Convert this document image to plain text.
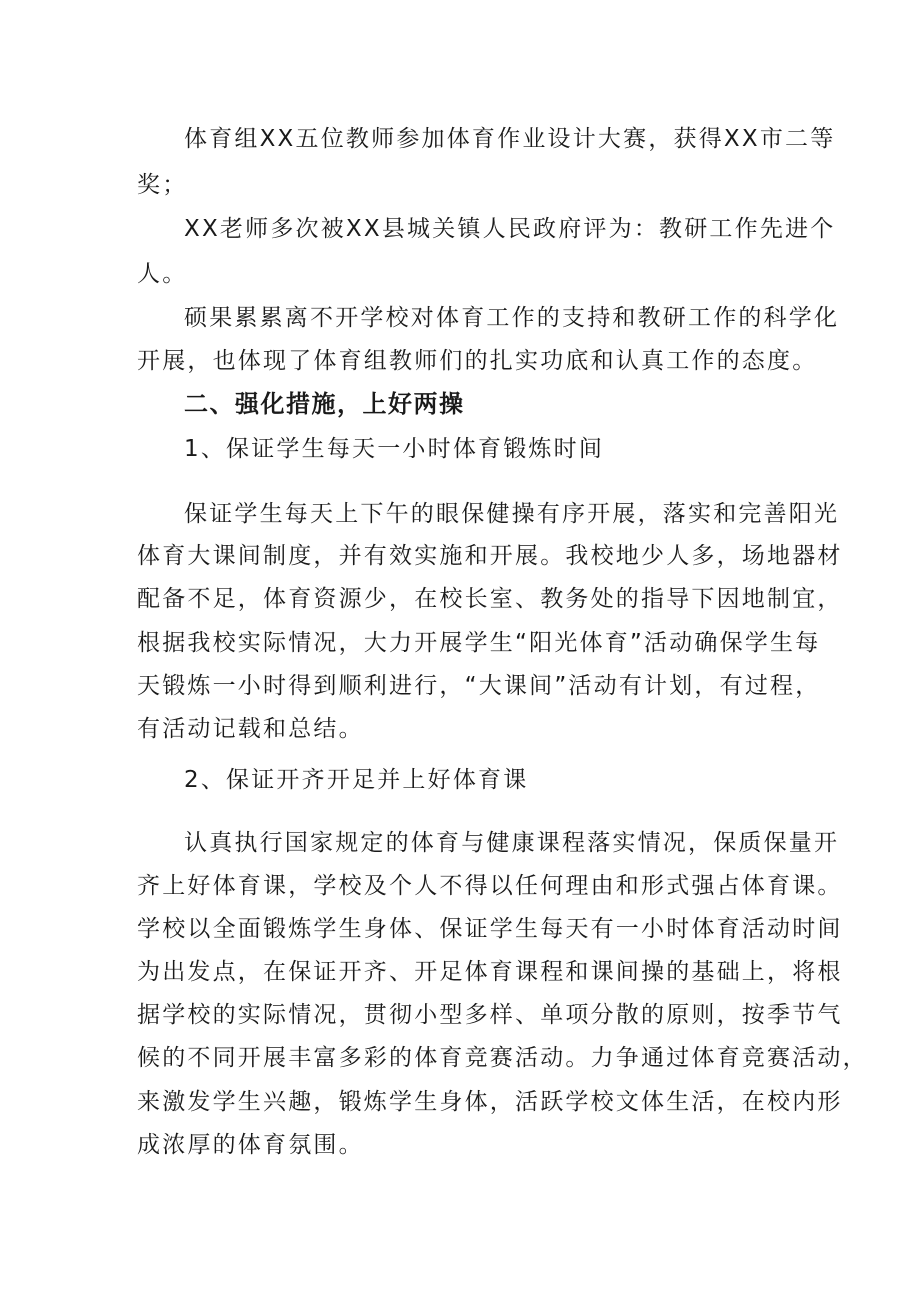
体育组XX五位教师参加体育作业设计大赛，获得XX市二等
奖；
XX老师多次被XX县城关镇人民政府评为：教研工作先进个
人。
硕果累累离不开学校对体育工作的支持和教研工作的科学化
开展，也体现了体育组教师们的扎实功底和认真工作的态度。
二、强化措施，上好两操
1、保证学生每天一小时体育锻炼时间
保证学生每天上下午的眼保健操有序开展，落实和完善阳光
体育大课间制度，并有效实施和开展。我校地少人多，场地器材
配备不足，体育资源少，在校长室、教务处的指导下因地制宜，
根据我校实际情况，大力开展学生“阳光体育”活动确保学生每
天锻炼一小时得到顺利进行，“大课间”活动有计划，有过程，
有活动记载和总结。
2、保证开齐开足并上好体育课
认真执行国家规定的体育与健康课程落实情况，保质保量开
齐上好体育课，学校及个人不得以任何理由和形式强占体育课。
学校以全面锻炼学生身体、保证学生每天有一小时体育活动时间
为出发点，在保证开齐、开足体育课程和课间操的基础上，将根
据学校的实际情况，贯彻小型多样、单项分散的原则，按季节气
候的不同开展丰富多彩的体育竞赛活动。力争通过体育竞赛活动，
来激发学生兴趣，锻炼学生身体，活跃学校文体生活，在校内形
成浓厚的体育氛围。
